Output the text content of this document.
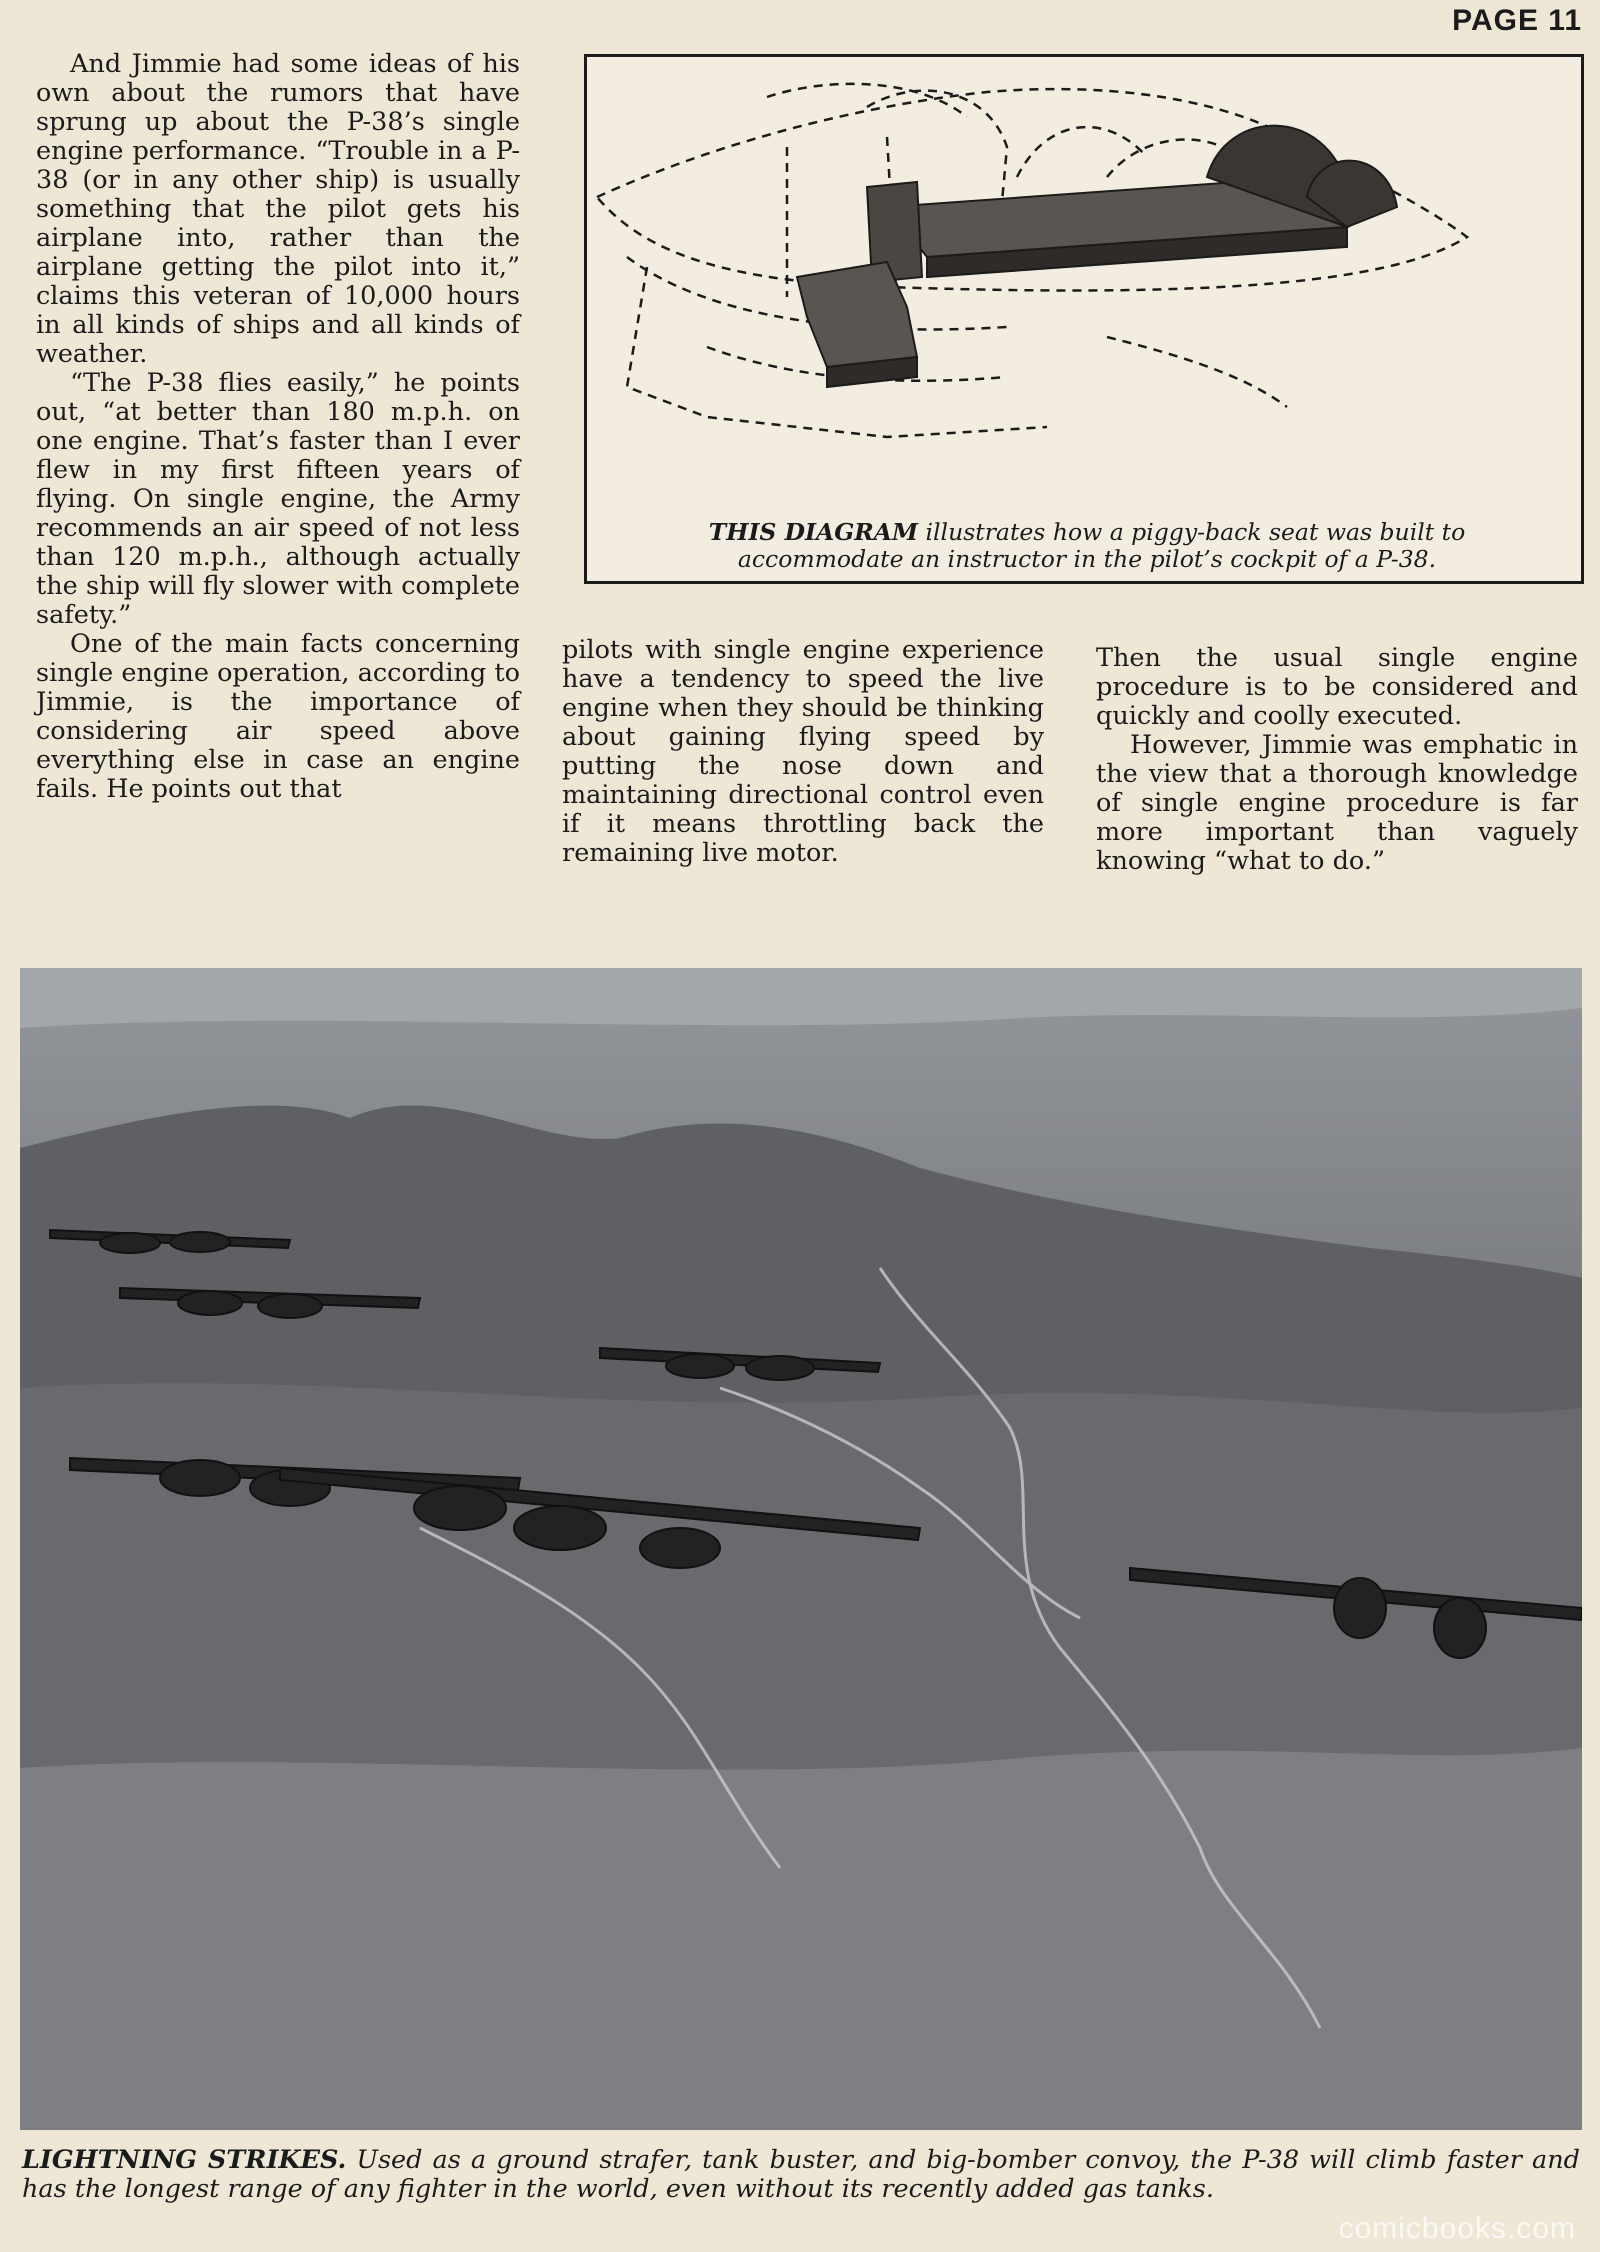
PAGE 11

And Jimmie had some ideas of his own about the rumors that have sprung up about the P-38’s single engine performance. “Trouble in a P-38 (or in any other ship) is usually something that the pilot gets his airplane into, rather than the airplane getting the pilot into it,” claims this veteran of 10,000 hours in all kinds of ships and all kinds of weather.

“The P-38 flies easily,” he points out, “at better than 180 m.p.h. on one engine. That’s faster than I ever flew in my first fifteen years of flying. On single engine, the Army recommends an air speed of not less than 120 m.p.h., although actually the ship will fly slower with complete safety.”

One of the main facts concerning single engine operation, according to Jimmie, is the importance of considering air speed above everything else in case an engine fails. He points out that

THIS DIAGRAM illustrates how a piggy-back seat was built to accommodate an instructor in the pilot’s cockpit of a P-38.

pilots with single engine experience have a tendency to speed the live engine when they should be thinking about gaining flying speed by putting the nose down and maintaining directional control even if it means throttling back the remaining live motor.

Then the usual single engine procedure is to be considered and quickly and coolly executed.

However, Jimmie was emphatic in the view that a thorough knowledge of single engine procedure is far more important than vaguely knowing “what to do.”

LIGHTNING STRIKES. Used as a ground strafer, tank buster, and big-bomber convoy, the P-38 will climb faster and has the longest range of any fighter in the world, even without its recently added gas tanks.
comicbooks.com
